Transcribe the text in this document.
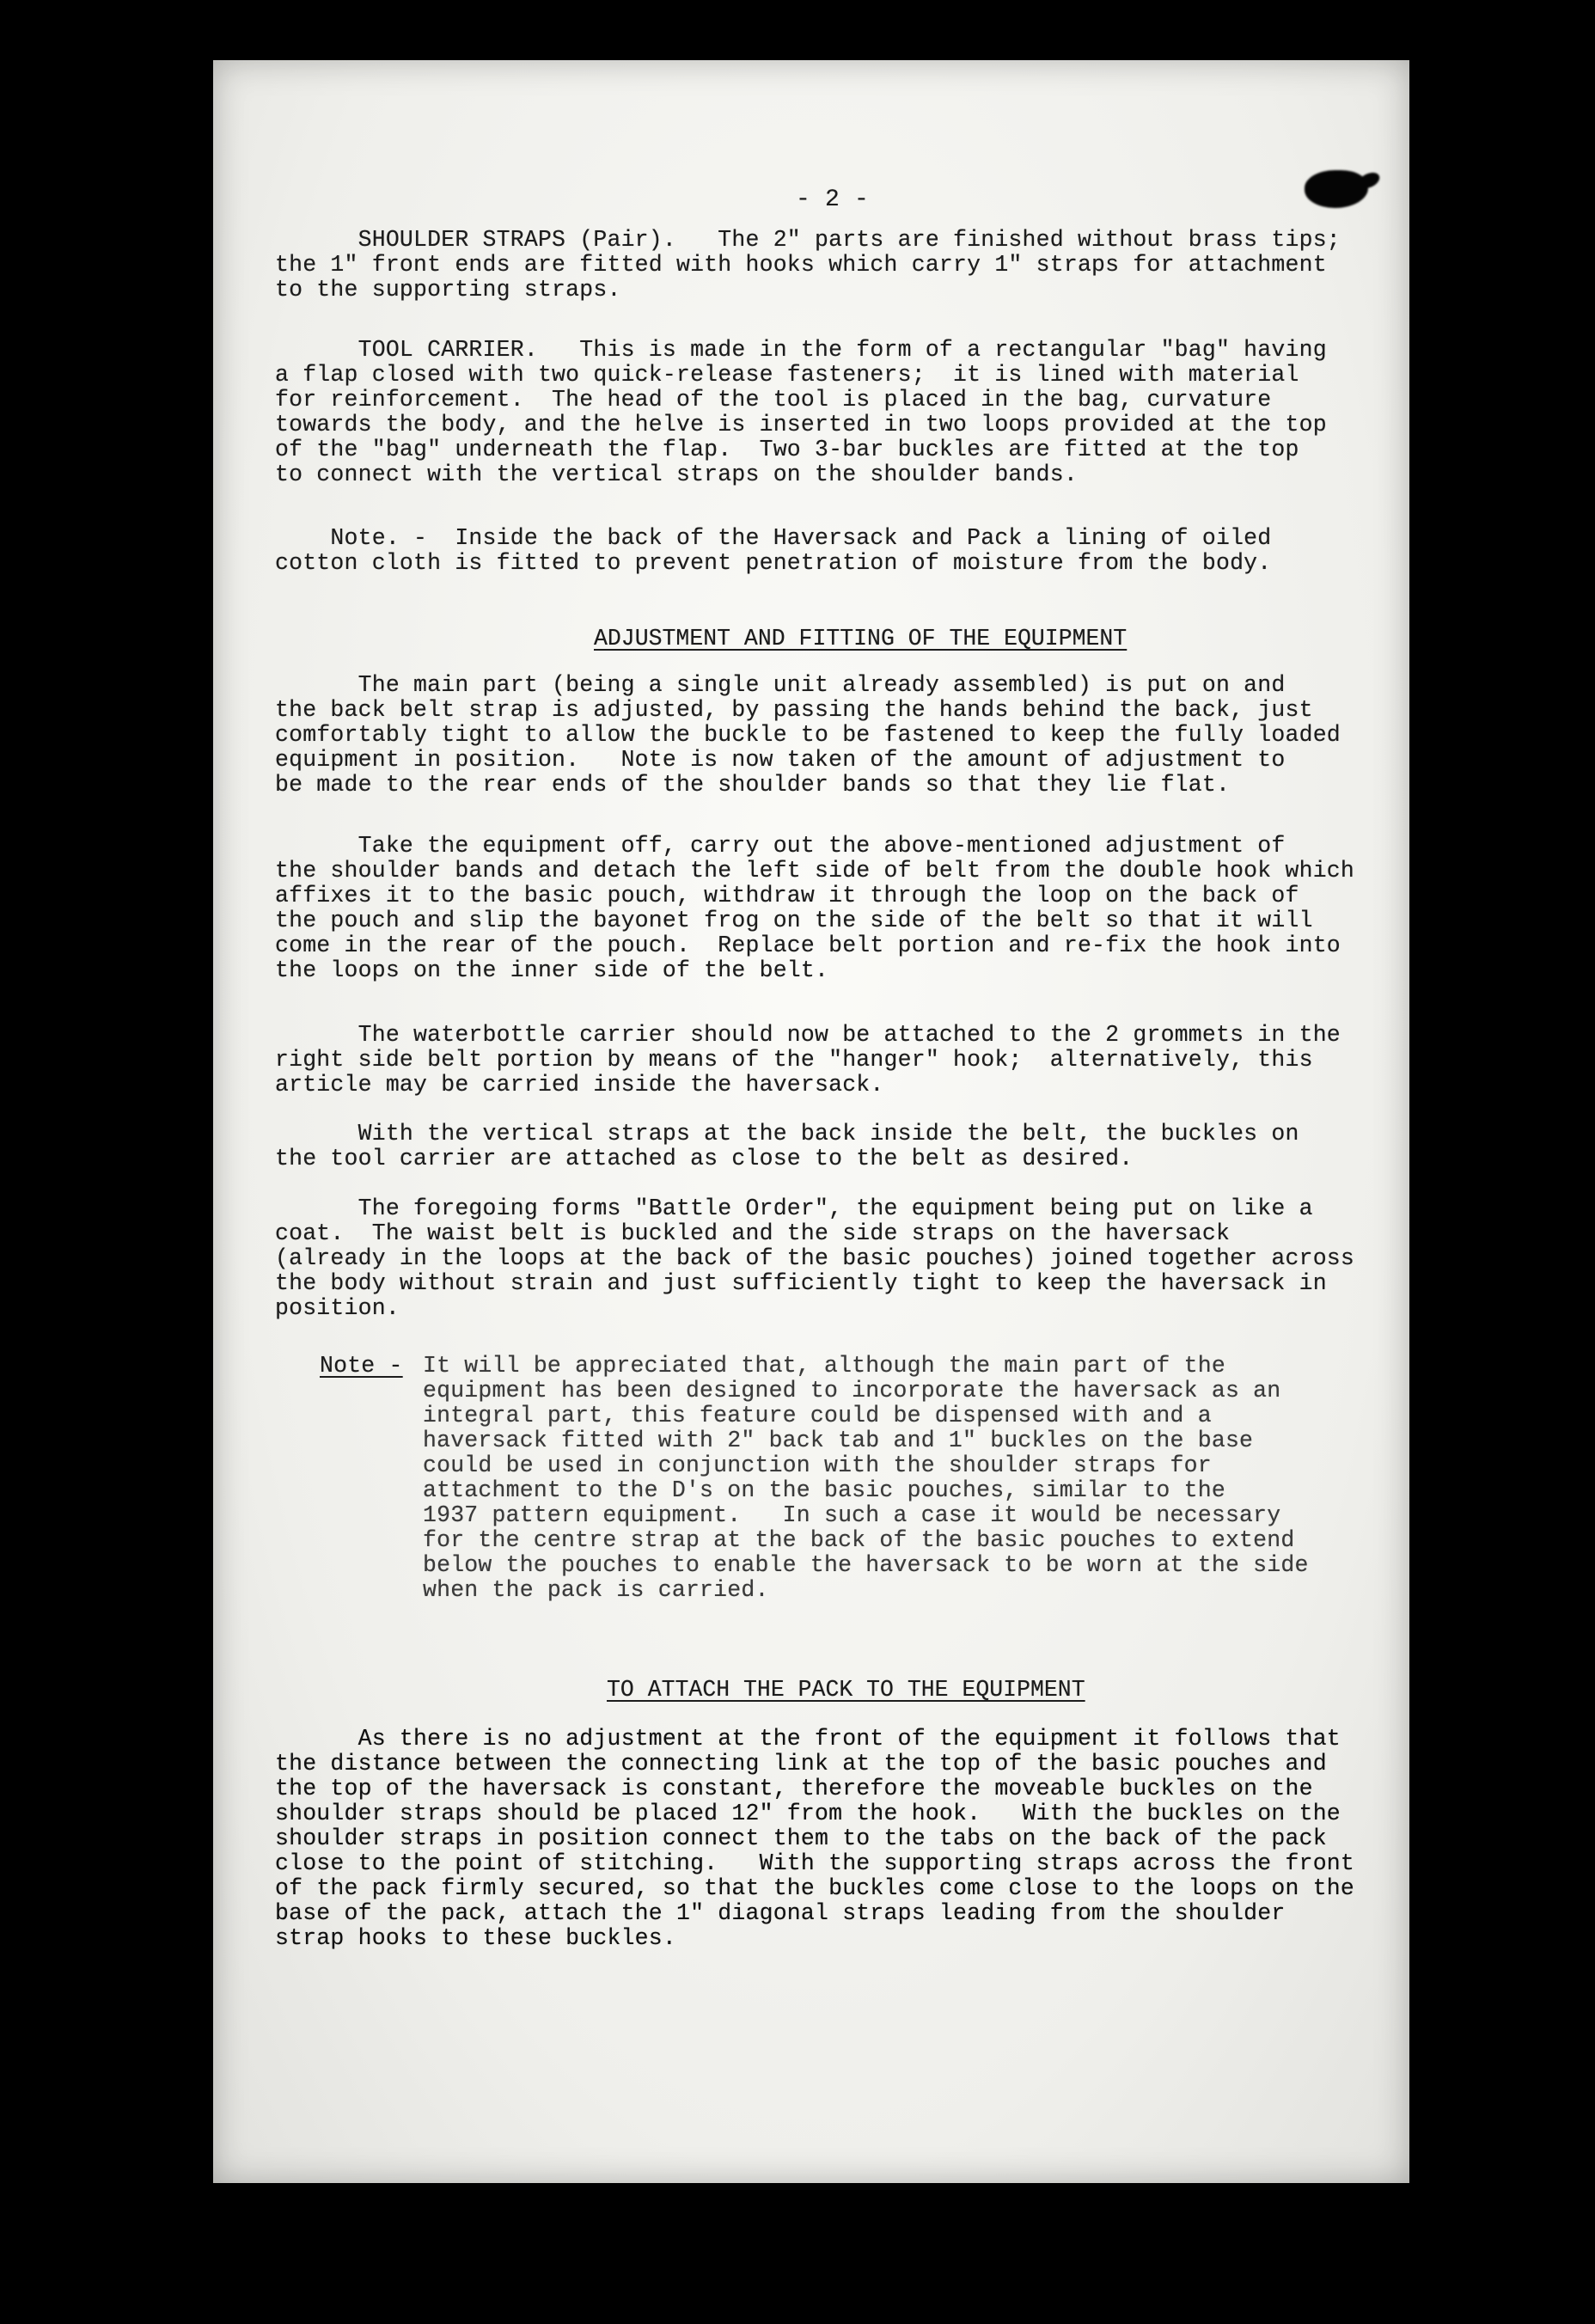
- 2 -
SHOULDER STRAPS (Pair).   The 2" parts are finished without brass tips;
the 1" front ends are fitted with hooks which carry 1" straps for attachment
to the supporting straps.
TOOL CARRIER.   This is made in the form of a rectangular "bag" having
a flap closed with two quick-release fasteners;  it is lined with material
for reinforcement.  The head of the tool is placed in the bag, curvature
towards the body, and the helve is inserted in two loops provided at the top
of the "bag" underneath the flap.  Two 3-bar buckles are fitted at the top
to connect with the vertical straps on the shoulder bands.
Note. -  Inside the back of the Haversack and Pack a lining of oiled
cotton cloth is fitted to prevent penetration of moisture from the body.
ADJUSTMENT AND FITTING OF THE EQUIPMENT
The main part (being a single unit already assembled) is put on and
the back belt strap is adjusted, by passing the hands behind the back, just
comfortably tight to allow the buckle to be fastened to keep the fully loaded
equipment in position.   Note is now taken of the amount of adjustment to
be made to the rear ends of the shoulder bands so that they lie flat.
Take the equipment off, carry out the above-mentioned adjustment of
the shoulder bands and detach the left side of belt from the double hook which
affixes it to the basic pouch, withdraw it through the loop on the back of
the pouch and slip the bayonet frog on the side of the belt so that it will
come in the rear of the pouch.  Replace belt portion and re-fix the hook into
the loops on the inner side of the belt.
The waterbottle carrier should now be attached to the 2 grommets in the
right side belt portion by means of the "hanger" hook;  alternatively, this
article may be carried inside the haversack.
With the vertical straps at the back inside the belt, the buckles on
the tool carrier are attached as close to the belt as desired.
The foregoing forms "Battle Order", the equipment being put on like a
coat.  The waist belt is buckled and the side straps on the haversack
(already in the loops at the back of the basic pouches) joined together across
the body without strain and just sufficiently tight to keep the haversack in
position.
Note - It will be appreciated that, although the main part of the
equipment has been designed to incorporate the haversack as an
integral part, this feature could be dispensed with and a
haversack fitted with 2" back tab and 1" buckles on the base
could be used in conjunction with the shoulder straps for
attachment to the D's on the basic pouches, similar to the
1937 pattern equipment.   In such a case it would be necessary
for the centre strap at the back of the basic pouches to extend
below the pouches to enable the haversack to be worn at the side
when the pack is carried.
TO ATTACH THE PACK TO THE EQUIPMENT
As there is no adjustment at the front of the equipment it follows that
the distance between the connecting link at the top of the basic pouches and
the top of the haversack is constant, therefore the moveable buckles on the
shoulder straps should be placed 12" from the hook.   With the buckles on the
shoulder straps in position connect them to the tabs on the back of the pack
close to the point of stitching.   With the supporting straps across the front
of the pack firmly secured, so that the buckles come close to the loops on the
base of the pack, attach the 1" diagonal straps leading from the shoulder
strap hooks to these buckles.
